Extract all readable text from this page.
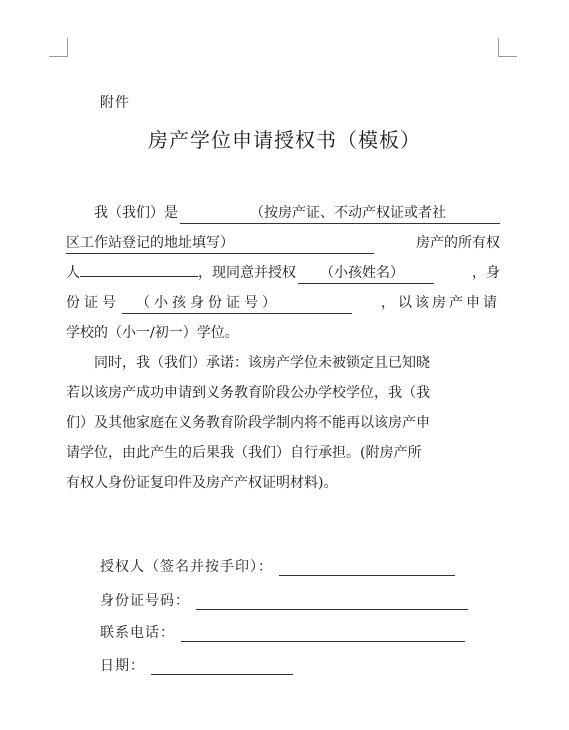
附件
房产学位申请授权书（模板）
我（我们）是	（按房产证、不动产权证或者社
区工作站登记的地址填写）	房产的所有权
人	，现同意并授权	（小孩姓名）	，身
份证号	（小孩身份证号）	，以该房产申请
学校的（小一/初一）学位。
同时，我（我们）承诺：该房产学位未被锁定且已知晓
若以该房产成功申请到义务教育阶段公办学校学位，我（我
们）及其他家庭在义务教育阶段学制内将不能再以该房产申
请学位，由此产生的后果我（我们）自行承担。(附房产所
有权人身份证复印件及房产产权证明材料)。
授权人（签名并按手印）：
身份证号码：
联系电话：
日期：
